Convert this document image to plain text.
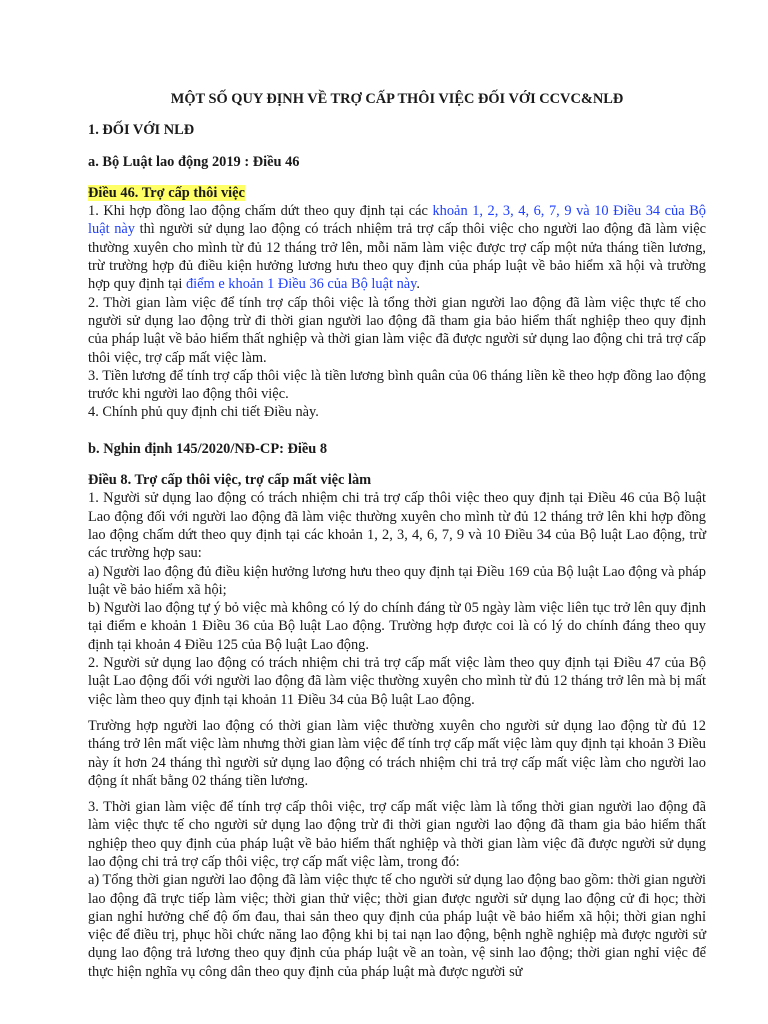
MỘT SỐ QUY ĐỊNH VỀ TRỢ CẤP THÔI VIỆC ĐỐI VỚI CCVC&NLĐ

1. ĐỐI VỚI NLĐ

a. Bộ Luật lao động 2019 : Điều 46

Điều 46. Trợ cấp thôi việc

1. Khi hợp đồng lao động chấm dứt theo quy định tại các khoản 1, 2, 3, 4, 6, 7, 9 và 10 Điều 34 của Bộ luật này thì người sử dụng lao động có trách nhiệm trả trợ cấp thôi việc cho người lao động đã làm việc thường xuyên cho mình từ đủ 12 tháng trở lên, mỗi năm làm việc được trợ cấp một nửa tháng tiền lương, trừ trường hợp đủ điều kiện hưởng lương hưu theo quy định của pháp luật về bảo hiểm xã hội và trường hợp quy định tại điểm e khoản 1 Điều 36 của Bộ luật này.

2. Thời gian làm việc để tính trợ cấp thôi việc là tổng thời gian người lao động đã làm việc thực tế cho người sử dụng lao động trừ đi thời gian người lao động đã tham gia bảo hiểm thất nghiệp theo quy định của pháp luật về bảo hiểm thất nghiệp và thời gian làm việc đã được người sử dụng lao động chi trả trợ cấp thôi việc, trợ cấp mất việc làm.

3. Tiền lương để tính trợ cấp thôi việc là tiền lương bình quân của 06 tháng liền kề theo hợp đồng lao động trước khi người lao động thôi việc.

4. Chính phủ quy định chi tiết Điều này.

b. Nghin định 145/2020/NĐ-CP: Điều 8

Điều 8. Trợ cấp thôi việc, trợ cấp mất việc làm

1. Người sử dụng lao động có trách nhiệm chi trả trợ cấp thôi việc theo quy định tại Điều 46 của Bộ luật Lao động đối với người lao động đã làm việc thường xuyên cho mình từ đủ 12 tháng trở lên khi hợp đồng lao động chấm dứt theo quy định tại các khoản 1, 2, 3, 4, 6, 7, 9 và 10 Điều 34 của Bộ luật Lao động, trừ các trường hợp sau:

a) Người lao động đủ điều kiện hưởng lương hưu theo quy định tại Điều 169 của Bộ luật Lao động và pháp luật về bảo hiểm xã hội;

b) Người lao động tự ý bỏ việc mà không có lý do chính đáng từ 05 ngày làm việc liên tục trở lên quy định tại điểm e khoản 1 Điều 36 của Bộ luật Lao động. Trường hợp được coi là có lý do chính đáng theo quy định tại khoản 4 Điều 125 của Bộ luật Lao động.

2. Người sử dụng lao động có trách nhiệm chi trả trợ cấp mất việc làm theo quy định tại Điều 47 của Bộ luật Lao động đối với người lao động đã làm việc thường xuyên cho mình từ đủ 12 tháng trở lên mà bị mất việc làm theo quy định tại khoản 11 Điều 34 của Bộ luật Lao động.

Trường hợp người lao động có thời gian làm việc thường xuyên cho người sử dụng lao động từ đủ 12 tháng trở lên mất việc làm nhưng thời gian làm việc để tính trợ cấp mất việc làm quy định tại khoản 3 Điều này ít hơn 24 tháng thì người sử dụng lao động có trách nhiệm chi trả trợ cấp mất việc làm cho người lao động ít nhất bằng 02 tháng tiền lương.

3. Thời gian làm việc để tính trợ cấp thôi việc, trợ cấp mất việc làm là tổng thời gian người lao động đã làm việc thực tế cho người sử dụng lao động trừ đi thời gian người lao động đã tham gia bảo hiểm thất nghiệp theo quy định của pháp luật về bảo hiểm thất nghiệp và thời gian làm việc đã được người sử dụng lao động chi trả trợ cấp thôi việc, trợ cấp mất việc làm, trong đó:

a) Tổng thời gian người lao động đã làm việc thực tế cho người sử dụng lao động bao gồm: thời gian người lao động đã trực tiếp làm việc; thời gian thử việc; thời gian được người sử dụng lao động cử đi học; thời gian nghỉ hưởng chế độ ốm đau, thai sản theo quy định của pháp luật về bảo hiểm xã hội; thời gian nghỉ việc để điều trị, phục hồi chức năng lao động khi bị tai nạn lao động, bệnh nghề nghiệp mà được người sử dụng lao động trả lương theo quy định của pháp luật về an toàn, vệ sinh lao động; thời gian nghỉ việc để thực hiện nghĩa vụ công dân theo quy định của pháp luật mà được người sử
